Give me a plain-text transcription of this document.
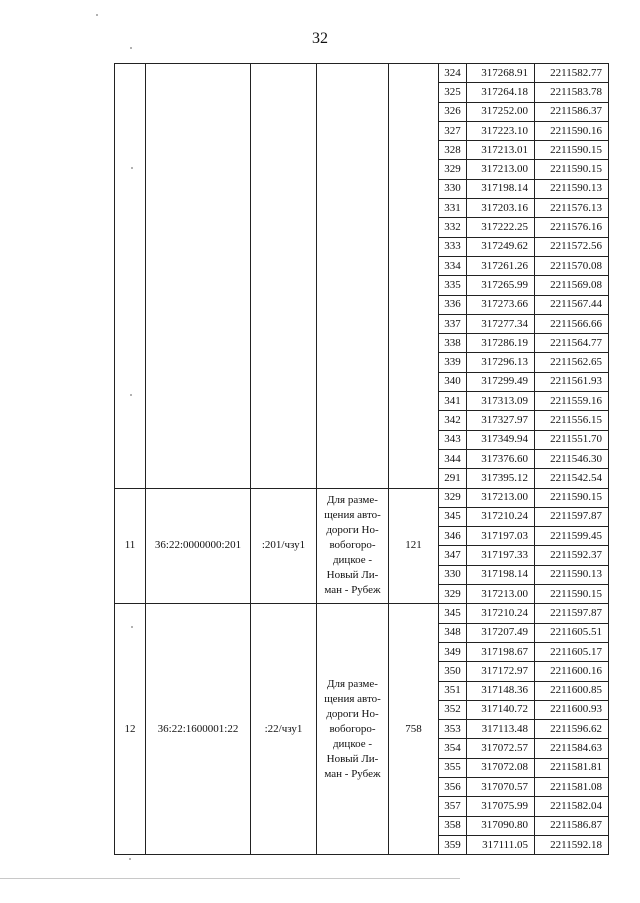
32
					324	317268.91	2211582.77
					325	317264.18	2211583.78
					326	317252.00	2211586.37
					327	317223.10	2211590.16
					328	317213.01	2211590.15
					329	317213.00	2211590.15
					330	317198.14	2211590.13
					331	317203.16	2211576.13
					332	317222.25	2211576.16
					333	317249.62	2211572.56
					334	317261.26	2211570.08
					335	317265.99	2211569.08
					336	317273.66	2211567.44
					337	317277.34	2211566.66
					338	317286.19	2211564.77
					339	317296.13	2211562.65
					340	317299.49	2211561.93
					341	317313.09	2211559.16
					342	317327.97	2211556.15
					343	317349.94	2211551.70
					344	317376.60	2211546.30
					291	317395.12	2211542.54
11	36:22:0000000:201	:201/чзу1	Для разме-щения авто-дороги Но-вобогоро-дицкое - Новый Ли-ман - Рубеж	121	329	317213.00	2211590.15
					345	317210.24	2211597.87
					346	317197.03	2211599.45
					347	317197.33	2211592.37
					330	317198.14	2211590.13
					329	317213.00	2211590.15
12	36:22:1600001:22	:22/чзу1	Для разме-щения авто-дороги Но-вобогоро-дицкое - Новый Ли-ман - Рубеж	758	345	317210.24	2211597.87
					348	317207.49	2211605.51
					349	317198.67	2211605.17
					350	317172.97	2211600.16
					351	317148.36	2211600.85
					352	317140.72	2211600.93
					353	317113.48	2211596.62
					354	317072.57	2211584.63
					355	317072.08	2211581.81
					356	317070.57	2211581.08
					357	317075.99	2211582.04
					358	317090.80	2211586.87
					359	317111.05	2211592.18
